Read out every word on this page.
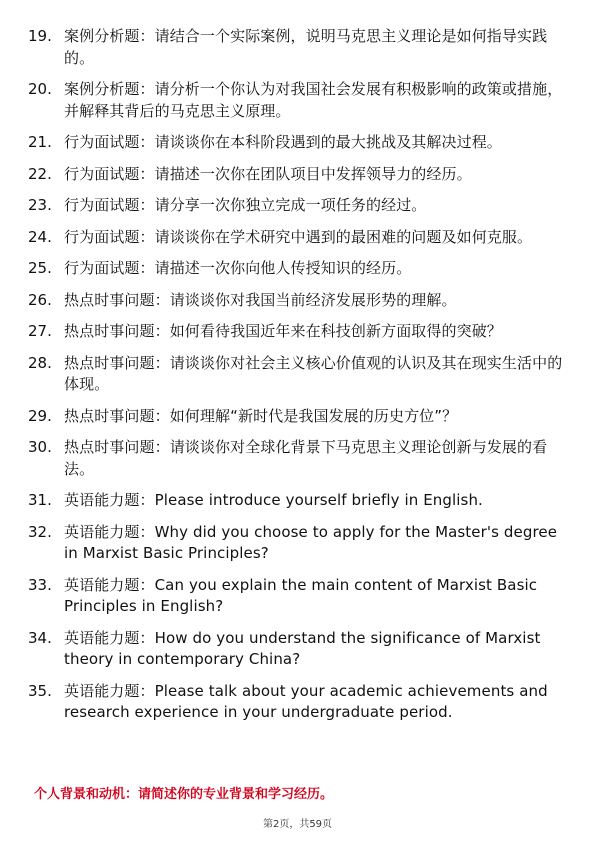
19. 案例分析题：请结合一个实际案例，说明马克思主义理论是如何指导实践的。
20. 案例分析题：请分析一个你认为对我国社会发展有积极影响的政策或措施，并解释其背后的马克思主义原理。
21. 行为面试题：请谈谈你在本科阶段遇到的最大挑战及其解决过程。
22. 行为面试题：请描述一次你在团队项目中发挥领导力的经历。
23. 行为面试题：请分享一次你独立完成一项任务的经过。
24. 行为面试题：请谈谈你在学术研究中遇到的最困难的问题及如何克服。
25. 行为面试题：请描述一次你向他人传授知识的经历。
26. 热点时事问题：请谈谈你对我国当前经济发展形势的理解。
27. 热点时事问题：如何看待我国近年来在科技创新方面取得的突破？
28. 热点时事问题：请谈谈你对社会主义核心价值观的认识及其在现实生活中的体现。
29. 热点时事问题：如何理解“新时代是我国发展的历史方位”？
30. 热点时事问题：请谈谈你对全球化背景下马克思主义理论创新与发展的看法。
31. 英语能力题：Please introduce yourself briefly in English.
32. 英语能力题：Why did you choose to apply for the Master's degree in Marxist Basic Principles?
33. 英语能力题：Can you explain the main content of Marxist Basic Principles in English?
34. 英语能力题：How do you understand the significance of Marxist theory in contemporary China?
35. 英语能力题：Please talk about your academic achievements and research experience in your undergraduate period.

个人背景和动机：请简述你的专业背景和学习经历。

第2页，共59页
